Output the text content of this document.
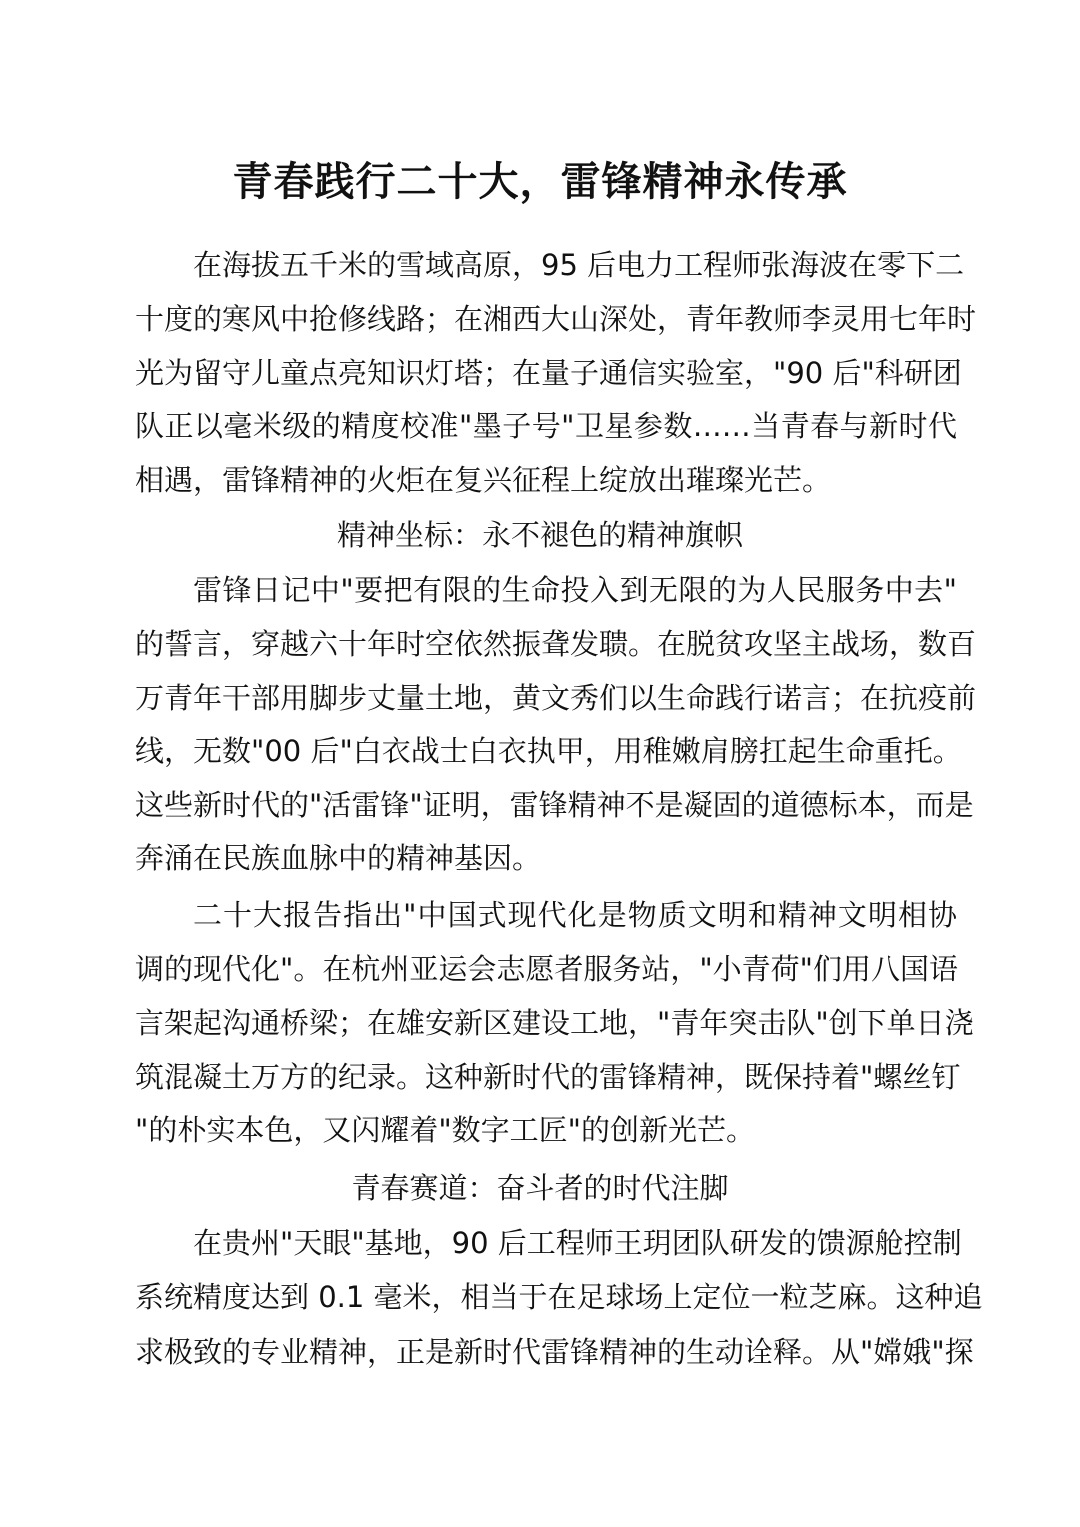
青春践行二十大，雷锋精神永传承
在海拔五千米的雪域高原，95 后电力工程师张海波在零下二
十度的寒风中抢修线路；在湘西大山深处，青年教师李灵用七年时
光为留守儿童点亮知识灯塔；在量子通信实验室，"90 后"科研团
队正以毫米级的精度校准"墨子号"卫星参数……当青春与新时代
相遇，雷锋精神的火炬在复兴征程上绽放出璀璨光芒。
精神坐标：永不褪色的精神旗帜
雷锋日记中"要把有限的生命投入到无限的为人民服务中去"
的誓言，穿越六十年时空依然振聋发聩。在脱贫攻坚主战场，数百
万青年干部用脚步丈量土地，黄文秀们以生命践行诺言；在抗疫前
线，无数"00 后"白衣战士白衣执甲，用稚嫩肩膀扛起生命重托。
这些新时代的"活雷锋"证明，雷锋精神不是凝固的道德标本，而是
奔涌在民族血脉中的精神基因。
二十大报告指出"中国式现代化是物质文明和精神文明相协
调的现代化"。在杭州亚运会志愿者服务站，"小青荷"们用八国语
言架起沟通桥梁；在雄安新区建设工地，"青年突击队"创下单日浇
筑混凝土万方的纪录。这种新时代的雷锋精神，既保持着"螺丝钉
"的朴实本色，又闪耀着"数字工匠"的创新光芒。
青春赛道：奋斗者的时代注脚
在贵州"天眼"基地，90 后工程师王玥团队研发的馈源舱控制
系统精度达到 0.1 毫米，相当于在足球场上定位一粒芝麻。这种追
求极致的专业精神，正是新时代雷锋精神的生动诠释。从"嫦娥"探
